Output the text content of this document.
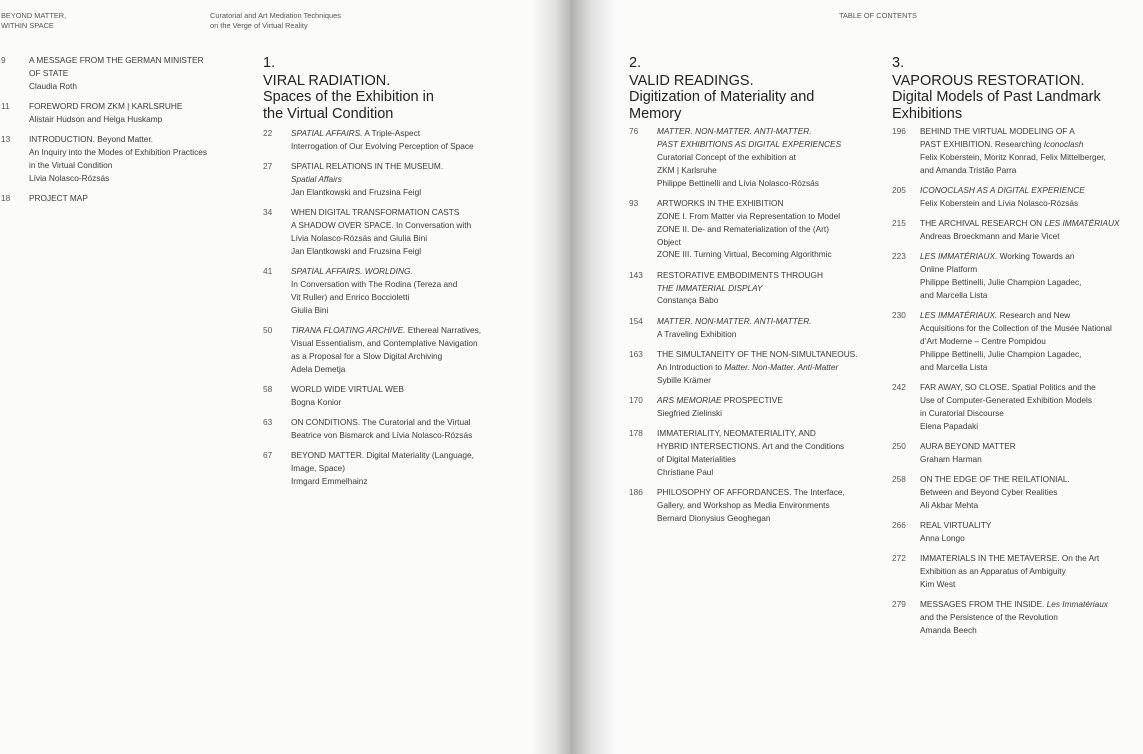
BEYOND MATTER,
WITHIN SPACE
Curatorial and Art Mediation Techniques
on the Verge of Virtual Reality
9	A MESSAGE FROM THE GERMAN MINISTER
OF STATE
Claudia Roth
11	FOREWORD FROM ZKM | KARLSRUHE
Alistair Hudson and Helga Huskamp
13	INTRODUCTION. Beyond Matter.
An Inquiry into the Modes of Exhibition Practices
in the Virtual Condition
Lívia Nolasco-Rózsás
18	PROJECT MAP
1.
VIRAL RADIATION.
Spaces of the Exhibition in
the Virtual Condition
22	SPATIAL AFFAIRS. A Triple-Aspect
Interrogation of Our Evolving Perception of Space
27	SPATIAL RELATIONS IN THE MUSEUM.
Spatial Affairs
Jan Elantkowski and Fruzsina Feigl
34	WHEN DIGITAL TRANSFORMATION CASTS
A SHADOW OVER SPACE. In Conversation with
Lívia Nolasco-Rózsás and Giulia Bini
Jan Elantkowski and Fruzsina Feigl
41	SPATIAL AFFAIRS. WORLDING.
In Conversation with The Rodina (Tereza and
Vit Ruller) and Enrico Boccioletti
Giulia Bini
50	TIRANA FLOATING ARCHIVE. Ethereal Narratives,
Visual Essentialism, and Contemplative Navigation
as a Proposal for a Slow Digital Archiving
Adela Demetja
58	WORLD WIDE VIRTUAL WEB
Bogna Konior
63	ON CONDITIONS. The Curatorial and the Virtual
Beatrice von Bismarck and Lívia Nolasco-Rózsás
67	BEYOND MATTER. Digital Materiality (Language,
Image, Space)
Irmgard Emmelhainz
TABLE OF CONTENTS
2.
VALID READINGS.
Digitization of Materiality and
Memory
76	MATTER. NON-MATTER. ANTI-MATTER.
PAST EXHIBITIONS AS DIGITAL EXPERIENCES
Curatorial Concept of the exhibition at
ZKM | Karlsruhe
Philippe Bettinelli and Lívia Nolasco-Rózsás
93	ARTWORKS IN THE EXHIBITION
ZONE I. From Matter via Representation to Model
ZONE II. De- and Rematerialization of the (Art)
Object
ZONE III. Turning Virtual, Becoming Algorithmic
143	RESTORATIVE EMBODIMENTS THROUGH
THE IMMATERIAL DISPLAY
Constança Babo
154	MATTER. NON-MATTER. ANTI-MATTER.
A Traveling Exhibition
163	THE SIMULTANEITY OF THE NON-SIMULTANEOUS.
An Introduction to Matter. Non-Matter. Anti-Matter
Sybille Krämer
170	ARS MEMORIAE PROSPECTIVE
Siegfried Zielinski
178	IMMATERIALITY, NEOMATERIALITY, AND
HYBRID INTERSECTIONS. Art and the Conditions
of Digital Materialities
Christiane Paul
186	PHILOSOPHY OF AFFORDANCES. The Interface,
Gallery, and Workshop as Media Environments
Bernard Dionysius Geoghegan
3.
VAPOROUS RESTORATION.
Digital Models of Past Landmark
Exhibitions
196	BEHIND THE VIRTUAL MODELING OF A
PAST EXHIBITION. Researching Iconoclash
Felix Koberstein, Moritz Konrad, Felix Mittelberger,
and Amanda Tristão Parra
205	ICONOCLASH AS A DIGITAL EXPERIENCE
Felix Koberstein and Lívia Nolasco-Rózsás
215	THE ARCHIVAL RESEARCH ON LES IMMATÉRIAUX
Andreas Broeckmann and Marie Vicet
223	LES IMMATÉRIAUX. Working Towards an
Online Platform
Philippe Bettinelli, Julie Champion Lagadec,
and Marcella Lista
230	LES IMMATÉRIAUX. Research and New
Acquisitions for the Collection of the Musée National
d’Art Moderne – Centre Pompidou
Philippe Bettinelli, Julie Champion Lagadec,
and Marcella Lista
242	FAR AWAY, SO CLOSE. Spatial Politics and the
Use of Computer-Generated Exhibition Models
in Curatorial Discourse
Elena Papadaki
250	AURA BEYOND MATTER
Graham Harman
258	ON THE EDGE OF THE REILATIONIAL.
Between and Beyond Cyber Realities
Ali Akbar Mehta
266	REAL VIRTUALITY
Anna Longo
272	IMMATERIALS IN THE METAVERSE. On the Art
Exhibition as an Apparatus of Ambiguity
Kim West
279	MESSAGES FROM THE INSIDE. Les Immatériaux
and the Persistence of the Revolution
Amanda Beech
